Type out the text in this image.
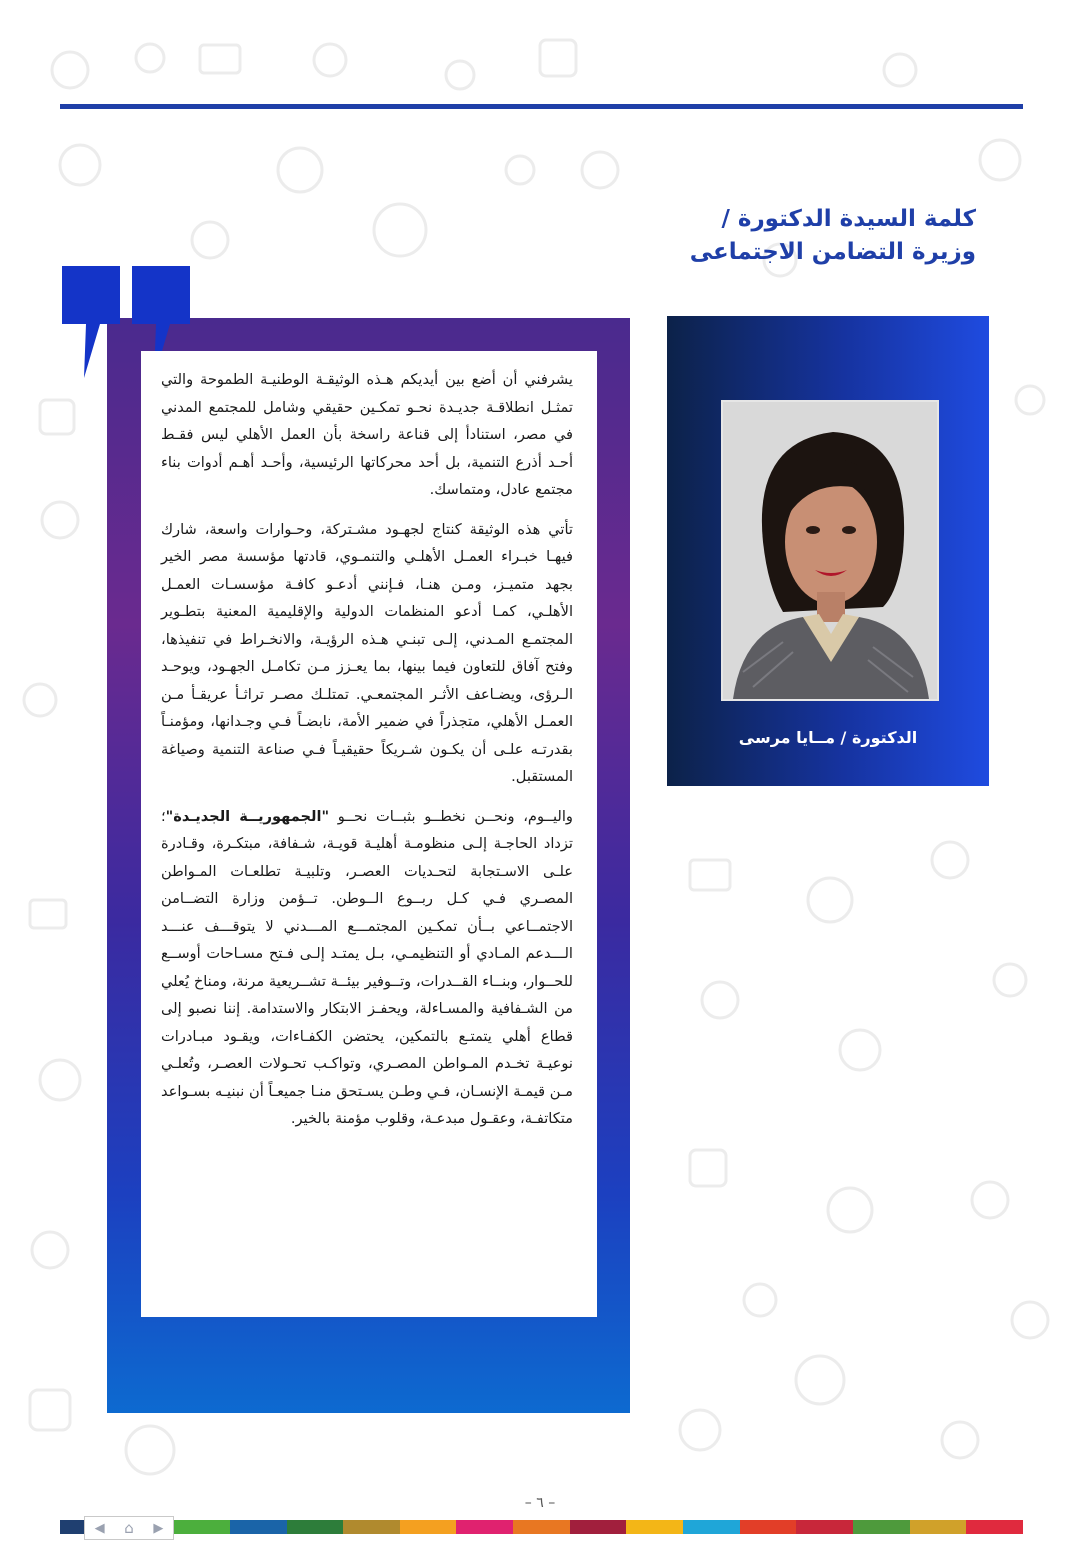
كلمة السيدة الدكتورة /
وزيرة التضامن الاجتماعى

يشرفني أن أضع بين أيديكم هـذه الوثيقـة الوطنيـة الطموحة والتي تمثـل انطلاقـة جديـدة نحـو تمكـين حقيقي وشامل للمجتمع المدني في مصر، استنادأ إلى قناعة راسخة بأن العمل الأهلي ليس فقـط أحـد أذرع التنمية، بل أحد محركاتها الرئيسية، وأحـد أهـم أدوات بناء مجتمع عادل، ومتماسك.

تأتي هذه الوثيقة كنتاج لجهـود مشـتركة، وحـوارات واسعة، شارك فيهـا خبـراء العمـل الأهلـي والتنمـوي، قادتها مؤسسة مصر الخير بجهد متميـز، ومـن هنـا، فـإنني أدعـو كافـة مؤسسـات العمـل الأهلـي، كمـا أدعو المنظمات الدولية والإقليمية المعنية بتطـوير المجتمـع المـدني، إلـى تبنـي هـذه الرؤيـة، والانخـراط في تنفيذها، وفتح آفاق للتعاون فيما بينها، بما يعـزز مـن تكامـل الجهـود، ويوحـد الـرؤى، ويضـاعف الأثـر المجتمعـي. تمتلـك مصـر تراثـأ عريقـأ مـن العمـل الأهلي، متجذراً في ضمير الأمة، نابضـاً فـي وجـدانها، ومؤمنـاً بقدرتـه علـى أن يكـون شـريكاً حقيقيـاً فـي صناعة التنمية وصياغة المستقبل.

واليــوم، ونحــن نخطــو بثبــات نحــو "الجمهوريــة الجديـدة"؛ تزداد الحاجـة إلـى منظومـة أهليـة قويـة، شـفافة، مبتكـرة، وقـادرة علـى الاسـتجابة لتحـديات العصـر، وتلبيـة تطلعـات المـواطن المصـري فـي كـل ربــوع الــوطن. تــؤمن وزارة التضــامن الاجتمــاعي بــأن تمكـين المجتمـــع المـــدني لا يتوقـــف عنـــد الـــدعم المـادي أو التنظيمـي، بـل يمتـد إلـى فـتح مسـاحات أوســع للحــوار، وبنــاء القــدرات، وتــوفير بيئــة تشــريعية مرنة، ومناخ يُعلي من الشـفافية والمسـاءلة، ويحفـز الابتكار والاستدامة. إننا نصبو إلى قطاع أهلي يتمتـع بالتمكين، يحتضن الكفـاءات، ويقـود مبـادرات نوعيـة تخـدم المـواطن المصـري، وتواكـب تحـولات العصـر، وتُعلـي مـن قيمـة الإنسـان، فـي وطـن يسـتحق منـا جميعـاً أن نبنيـه بسـواعد متكاتفـة، وعقـول مبدعـة، وقلوب مؤمنة بالخير.

الدكتورة / مــايا مرسى
– ٦ –
◀ ⌂ ▶
